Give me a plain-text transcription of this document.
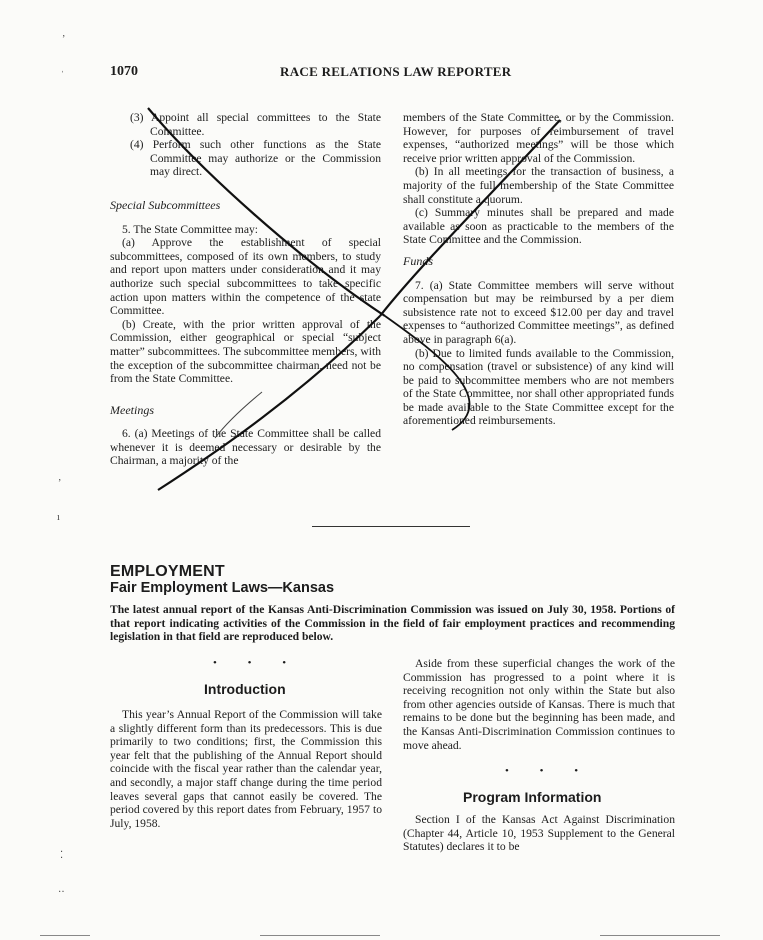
1070	RACE RELATIONS LAW REPORTER

(3) Appoint all special committees to the State Committee.

(4) Perform such other functions as the State Committee may authorize or the Commission may direct.

Special Subcommittees

5. The State Committee may:

(a) Approve the establishment of special subcommittees, composed of its own members, to study and report upon matters under consideration and it may authorize such special subcommittees to take specific action upon matters within the competence of the state Committee.

(b) Create, with the prior written approval of the Commission, either geographical or special “subject matter” subcommittees. The subcommittee members, with the exception of the subcommittee chairman, need not be from the State Committee.

Meetings

6. (a) Meetings of the State Committee shall be called whenever it is deemed necessary or desirable by the Chairman, a majority of the

members of the State Committee, or by the Commission. However, for purposes of reimbursement of travel expenses, “authorized meetings” will be those which receive prior written approval of the Commission.

(b) In all meetings for the transaction of business, a majority of the full membership of the State Committee shall constitute a quorum.

(c) Summary minutes shall be prepared and made available as soon as practicable to the members of the State Committee and the Commission.

Funds

7. (a) State Committee members will serve without compensation but may be reimbursed by a per diem subsistence rate not to exceed $12.00 per day and travel expenses to “authorized Committee meetings”, as defined above in paragraph 6(a).

(b) Due to limited funds available to the Commission, no compensation (travel or subsistence) of any kind will be paid to subcommittee members who are not members of the State Committee, nor shall other appropriated funds be made available to the State Committee except for the aforementioned reimbursements.

EMPLOYMENT
Fair Employment Laws—Kansas

The latest annual report of the Kansas Anti-Discrimination Commission was issued on July 30, 1958. Portions of that report indicating activities of the Commission in the field of fair employment practices and recommending legislation in that field are reproduced below.

• • •
Introduction

This year’s Annual Report of the Commission will take a slightly different form than its predecessors. This is due primarily to two conditions; first, the Commission this year felt that the publishing of the Annual Report should coincide with the fiscal year rather than the calendar year, and secondly, a major staff change during the time period leaves several gaps that cannot easily be covered. The period covered by this report dates from February, 1957 to July, 1958.

Aside from these superficial changes the work of the Commission has progressed to a point where it is receiving recognition not only within the State but also from other agencies outside of Kansas. There is much that remains to be done but the beginning has been made, and the Kansas Anti-Discrimination Commission continues to move ahead.

• • •
Program Information

Section I of the Kansas Act Against Discrimination (Chapter 44, Article 10, 1953 Supplement to the General Statutes) declares it to be

ʼ
ˈ
’
ı
⁚
‥
